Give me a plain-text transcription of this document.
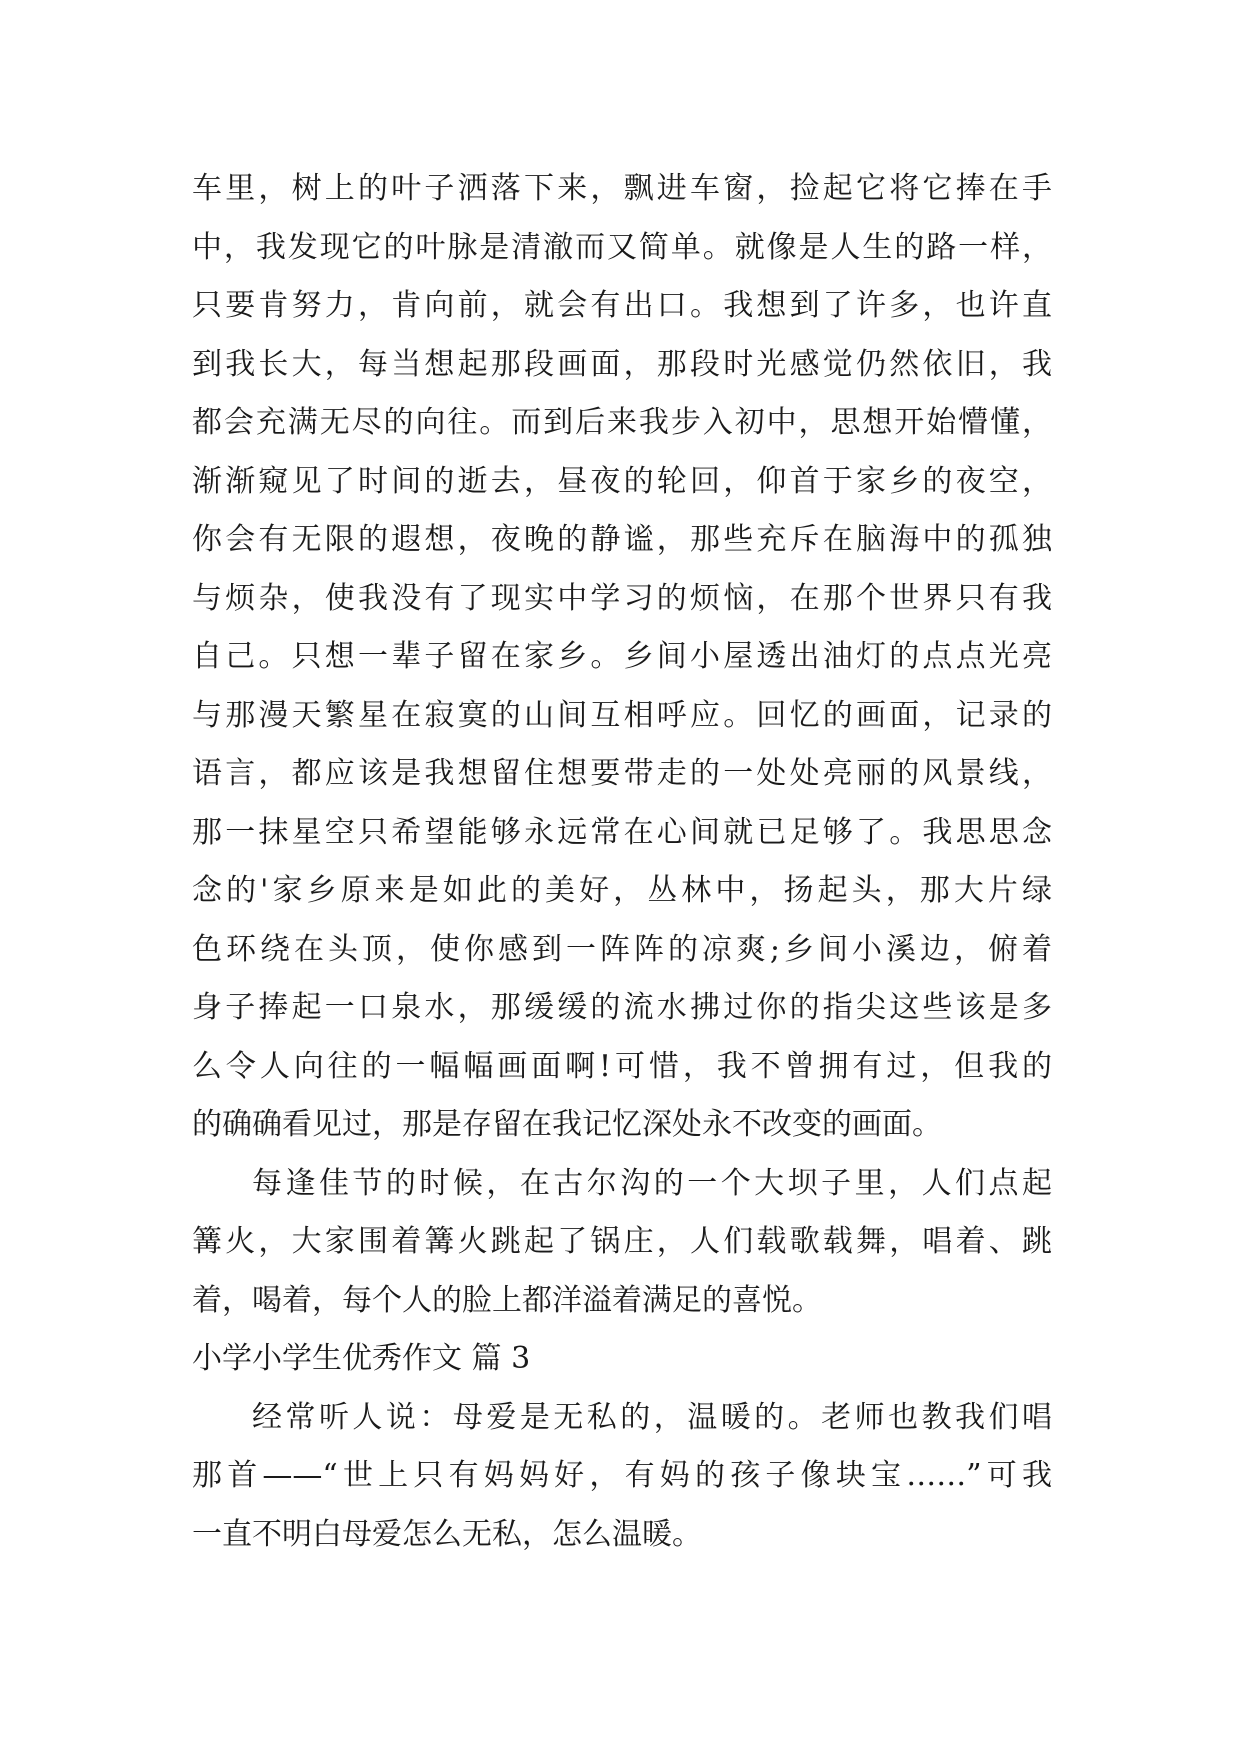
车里，树上的叶子洒落下来，飘进车窗，捡起它将它捧在手
中，我发现它的叶脉是清澈而又简单。就像是人生的路一样，
只要肯努力，肯向前，就会有出口。我想到了许多，也许直
到我长大，每当想起那段画面，那段时光感觉仍然依旧，我
都会充满无尽的向往。而到后来我步入初中，思想开始懵懂，
渐渐窥见了时间的逝去，昼夜的轮回，仰首于家乡的夜空，
你会有无限的遐想，夜晚的静谧，那些充斥在脑海中的孤独
与烦杂，使我没有了现实中学习的烦恼，在那个世界只有我
自己。只想一辈子留在家乡。乡间小屋透出油灯的点点光亮
与那漫天繁星在寂寞的山间互相呼应。回忆的画面，记录的
语言，都应该是我想留住想要带走的一处处亮丽的风景线，
那一抹星空只希望能够永远常在心间就已足够了。我思思念
念的'家乡原来是如此的美好，丛林中，扬起头，那大片绿
色环绕在头顶，使你感到一阵阵的凉爽;乡间小溪边，俯着
身子捧起一口泉水，那缓缓的流水拂过你的指尖这些该是多
么令人向往的一幅幅画面啊!可惜，我不曾拥有过，但我的
的确确看见过，那是存留在我记忆深处永不改变的画面。
每逢佳节的时候，在古尔沟的一个大坝子里，人们点起
篝火，大家围着篝火跳起了锅庄，人们载歌载舞，唱着、跳
着，喝着，每个人的脸上都洋溢着满足的喜悦。
小学小学生优秀作文 篇 3
经常听人说：母爱是无私的，温暖的。老师也教我们唱
那首——“世上只有妈妈好，有妈的孩子像块宝……”可我
一直不明白母爱怎么无私，怎么温暖。
